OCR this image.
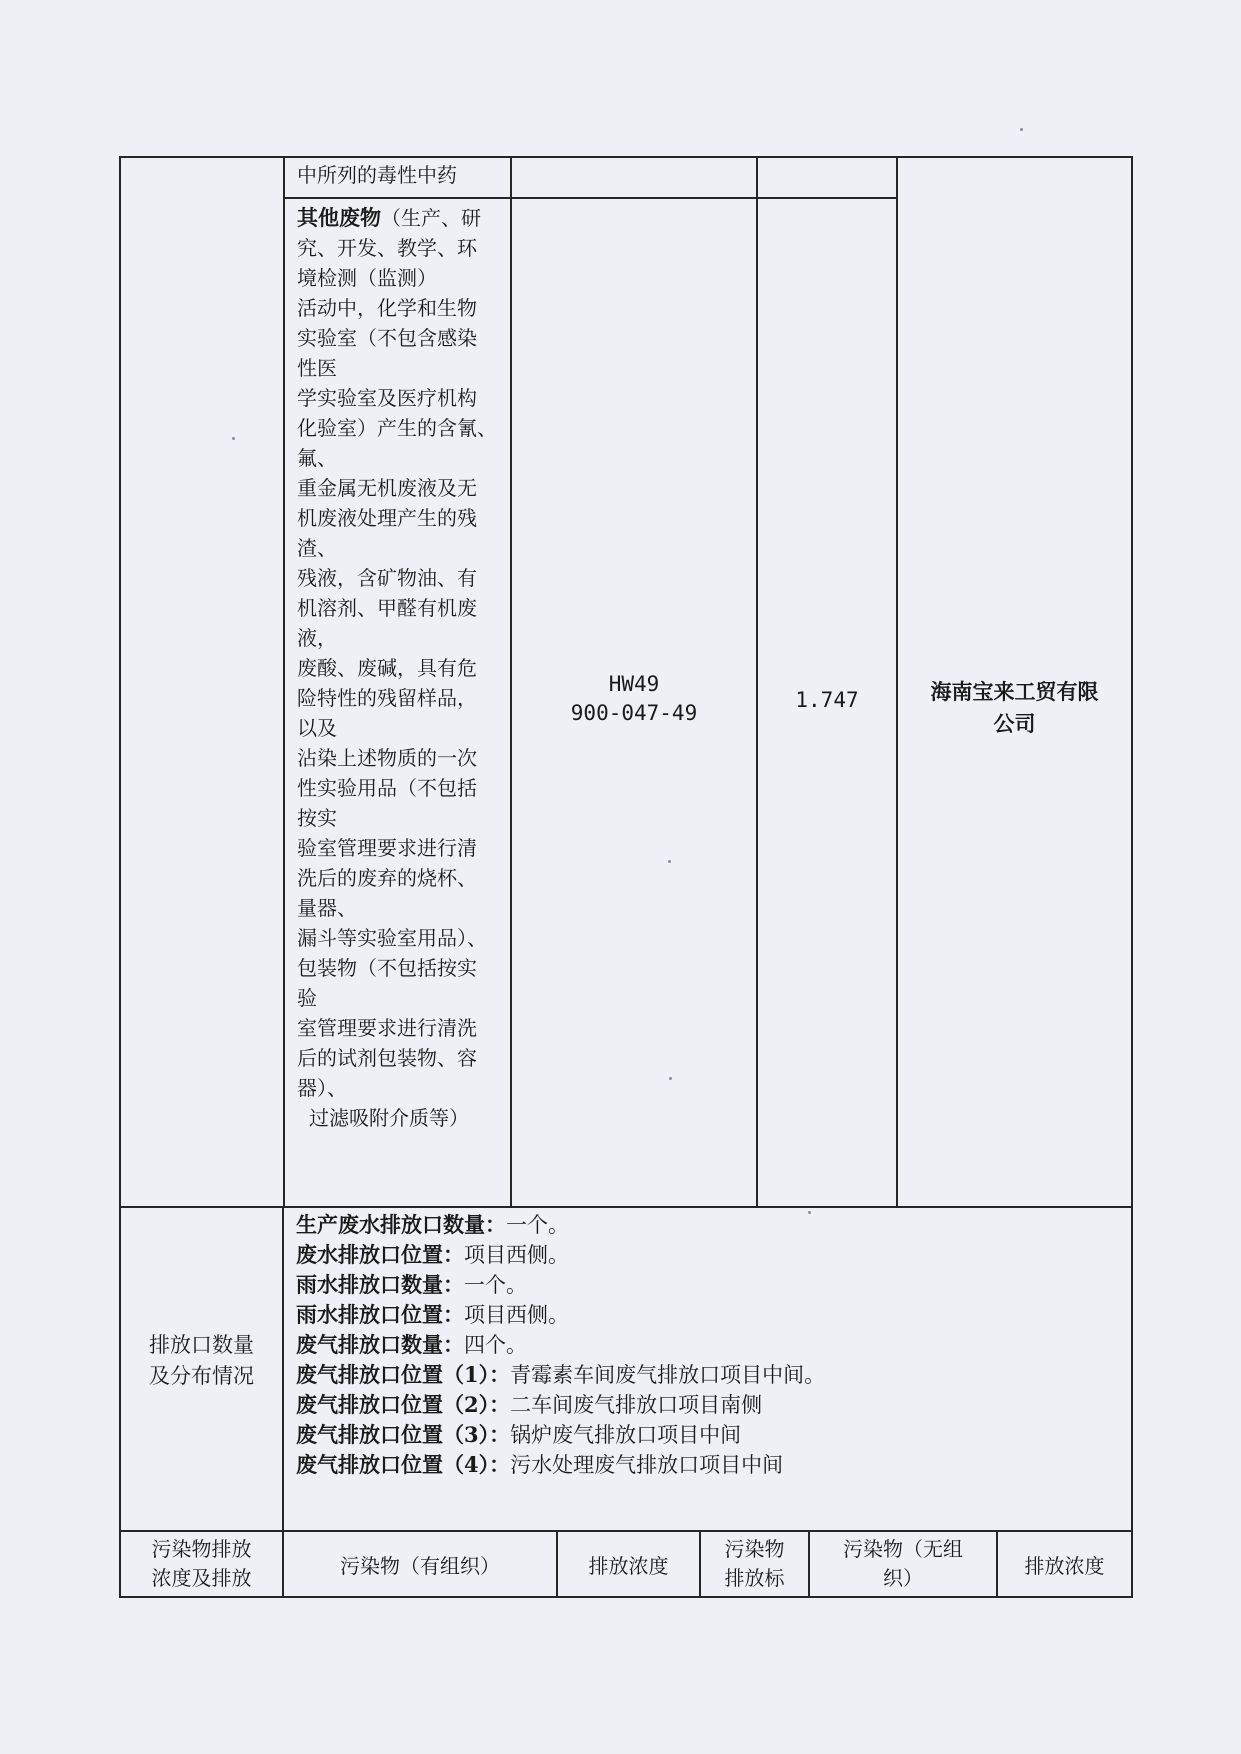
中所列的毒性中药
其他废物（生产、研
究、开发、教学、环
境检测（监测）
活动中，化学和生物
实验室（不包含感染
性医
学实验室及医疗机构
化验室）产生的含氰、
氟、
重金属无机废液及无
机废液处理产生的残
渣、
残液，含矿物油、有
机溶剂、甲醛有机废
液，
废酸、废碱，具有危
险特性的残留样品，
以及
沾染上述物质的一次
性实验用品（不包括
按实
验室管理要求进行清
洗后的废弃的烧杯、
量器、
漏斗等实验室用品）、
包装物（不包括按实
验
室管理要求进行清洗
后的试剂包装物、容
器）、
过滤吸附介质等）
HW49
900-047-49
1.747	海南宝来工贸有限
公司
排放口数量
及分布情况
生产废水排放口数量：一个。
废水排放口位置：项目西侧。
雨水排放口数量：一个。
雨水排放口位置：项目西侧。
废气排放口数量：四个。
废气排放口位置（1）：青霉素车间废气排放口项目中间。
废气排放口位置（2）：二车间废气排放口项目南侧
废气排放口位置（3）：锅炉废气排放口项目中间
废气排放口位置（4）：污水处理废气排放口项目中间
污染物排放
浓度及排放
污染物（有组织）	排放浓度
污染物
排放标
污染物（无组
织）
排放浓度
